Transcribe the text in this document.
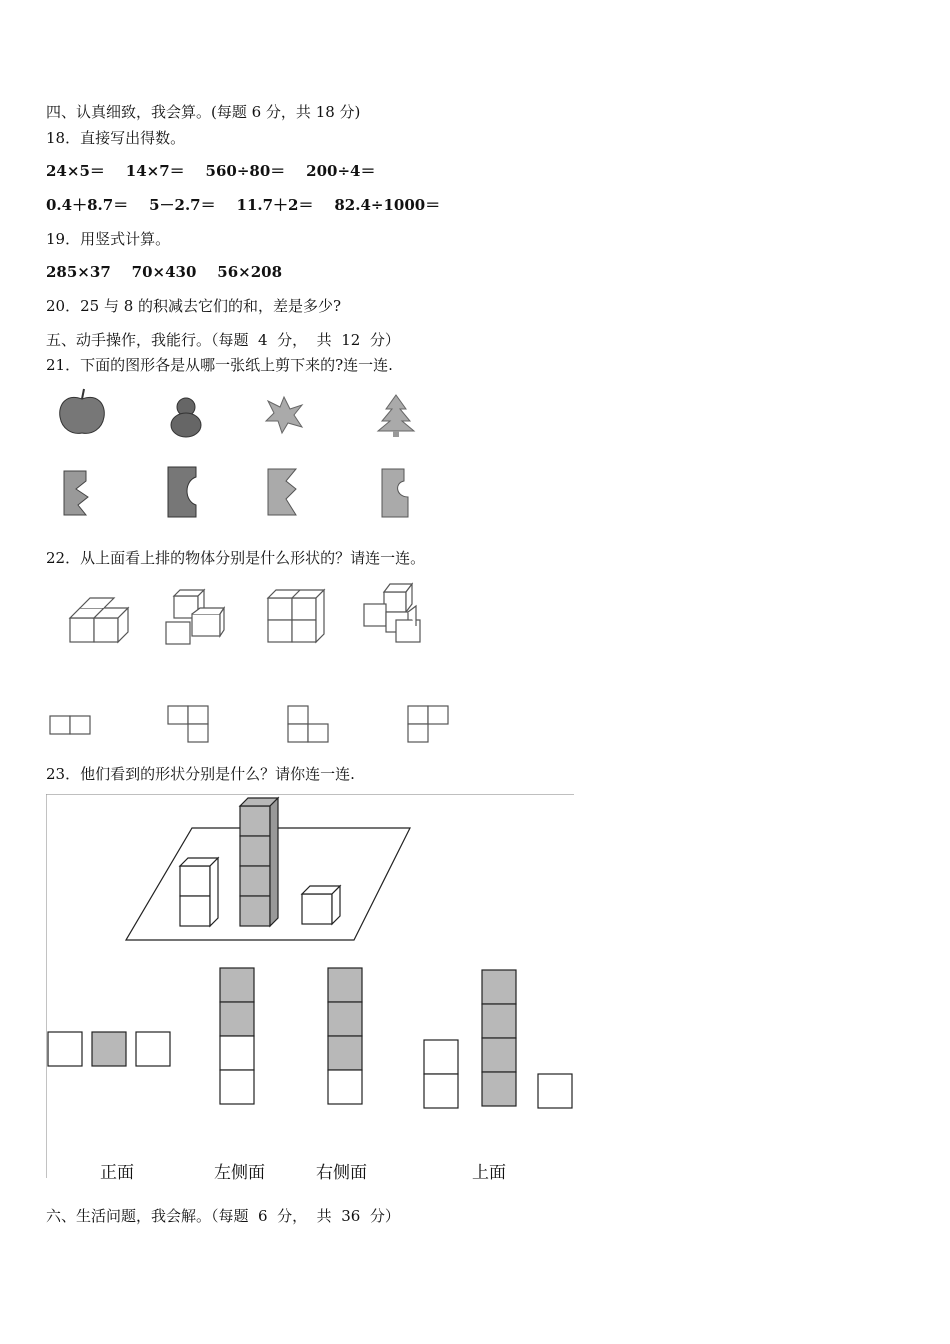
四、认真细致，我会算。(每题 6 分，共 18 分)
18．直接写出得数。
24×5＝    14×7＝    560÷80＝    200÷4＝
0.4＋8.7＝    5－2.7＝    11.7＋2＝    82.4÷1000＝
19．用竖式计算。
285×37    70×430    56×208
20．25 与 8 的积减去它们的和，差是多少?
五、动手操作，我能行。（每题  4  分，  共  12  分）
21．下面的图形各是从哪一张纸上剪下来的?连一连.
22．从上面看上排的物体分别是什么形状的？请连一连。
23．他们看到的形状分别是什么？请你连一连.
正面	左侧面	右侧面	上面
六、生活问题，我会解。（每题  6  分，  共  36  分）
